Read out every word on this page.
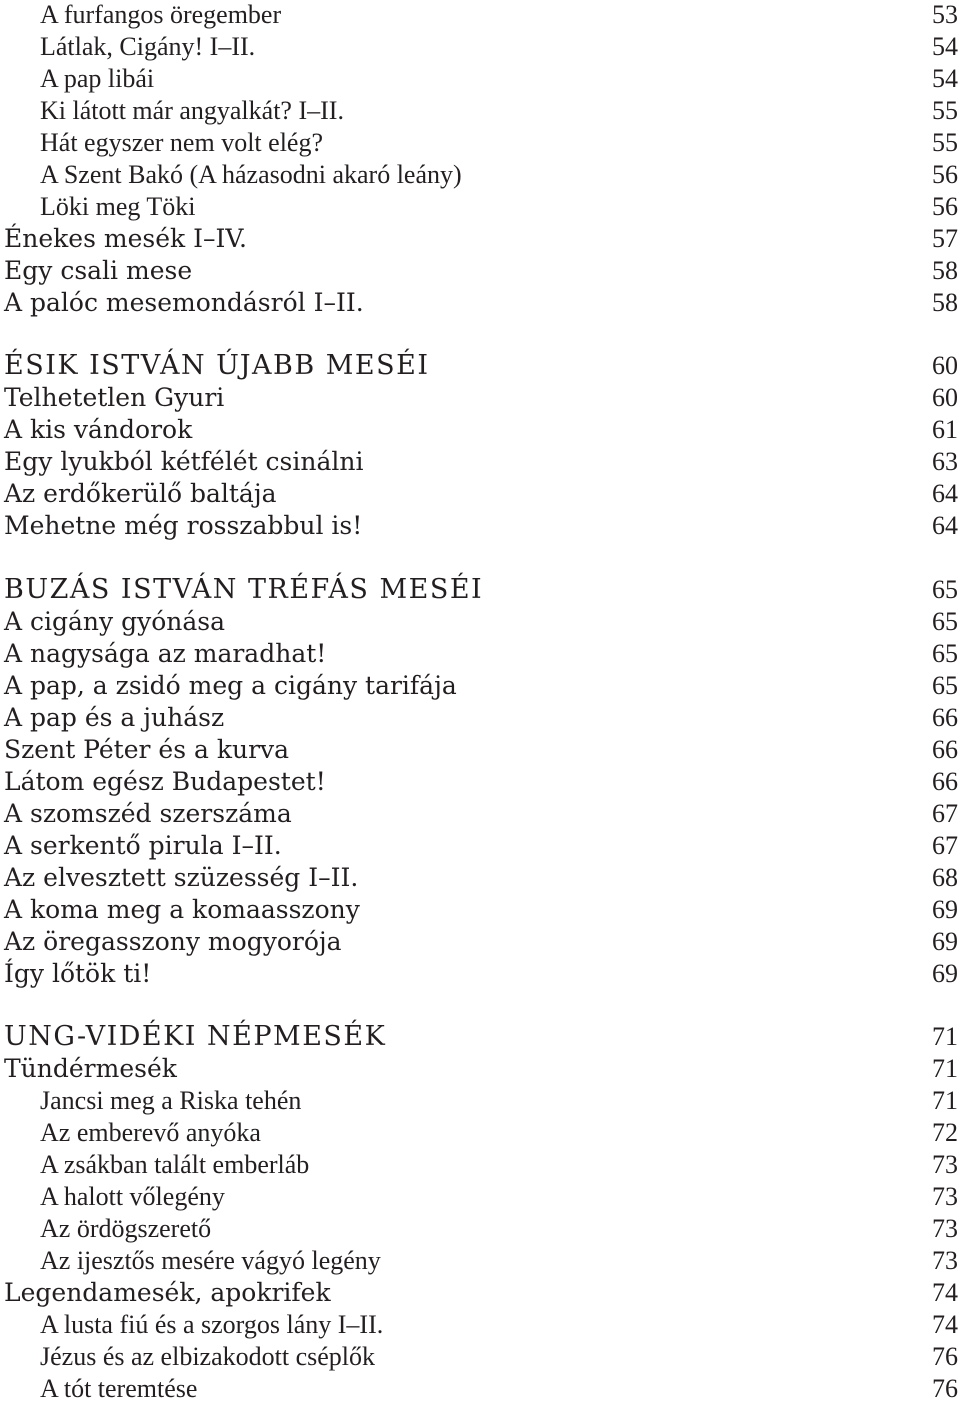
A furfangos öregember	53
Látlak, Cigány! I–II.	54
A pap libái	54
Ki látott már angyalkát? I–II.	55
Hát egyszer nem volt elég?	55
A Szent Bakó (A házasodni akaró leány)	56
Löki meg Töki	56
Énekes mesék I–IV.	57
Egy csali mese	58
A palóc mesemondásról I–II.	58
ÉSIK ISTVÁN ÚJABB MESÉI	60
Telhetetlen Gyuri	60
A kis vándorok	61
Egy lyukból kétfélét csinálni	63
Az erdőkerülő baltája	64
Mehetne még rosszabbul is!	64
BUZÁS ISTVÁN TRÉFÁS MESÉI	65
A cigány gyónása	65
A nagysága az maradhat!	65
A pap, a zsidó meg a cigány tarifája	65
A pap és a juhász	66
Szent Péter és a kurva	66
Látom egész Budapestet!	66
A szomszéd szerszáma	67
A serkentő pirula I–II.	67
Az elvesztett szüzesség I–II.	68
A koma meg a komaasszony	69
Az öregasszony mogyorója	69
Így lőtök ti!	69
UNG-VIDÉKI NÉPMESÉK	71
Tündérmesék	71
Jancsi meg a Riska tehén	71
Az emberevő anyóka	72
A zsákban talált emberláb	73
A halott vőlegény	73
Az ördögszerető	73
Az ijesztős mesére vágyó legény	73
Legendamesék, apokrifek	74
A lusta fiú és a szorgos lány I–II.	74
Jézus és az elbizakodott cséplők	76
A tót teremtése	76
